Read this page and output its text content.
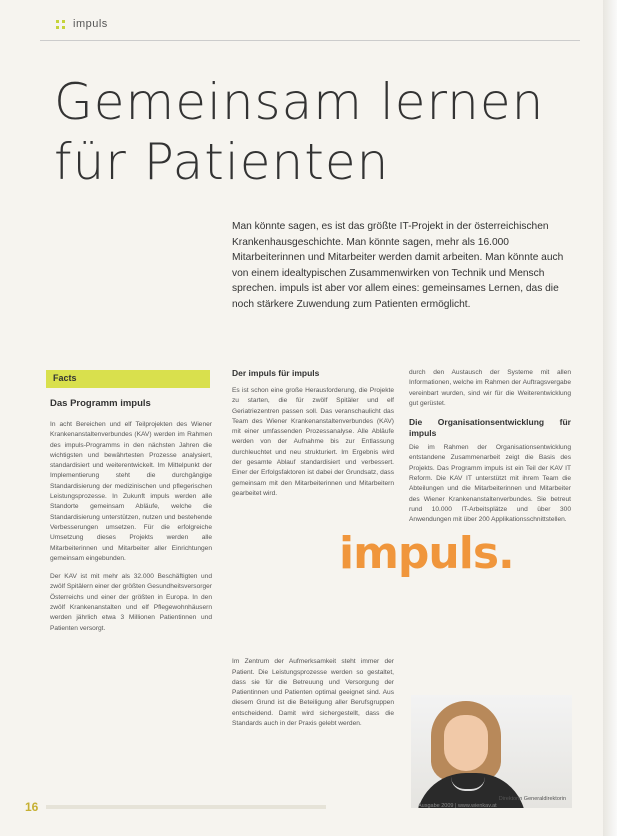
impuls
Gemeinsam lernen
für Patienten
Man könnte sagen, es ist das größte IT-Projekt in der österreichischen Krankenhausgeschichte. Man könnte sagen, mehr als 16.000 Mitarbeiterinnen und Mitarbeiter werden damit arbeiten. Man könnte auch von einem idealtypischen Zusammenwirken von Technik und Mensch sprechen. impuls ist aber vor allem eines: gemeinsames Lernen, das die noch stärkere Zuwendung zum Patienten ermöglicht.
Facts
Das Programm impuls

In acht Bereichen und elf Teilprojekten des Wiener Krankenanstaltenverbundes (KAV) werden im Rahmen des impuls-Programms in den nächsten Jahren die wichtigsten und bewährtesten Prozesse analysiert, standardisiert und weiterentwickelt. Im Mittelpunkt der Implementierung steht die durchgängige Standardisierung der medizinischen und pflegerischen Leistungsprozesse. In Zukunft impuls werden alle Standorte gemeinsam Abläufe, welche die Standardisierung unterstützen, nutzen und bestehende Verbesserungen umsetzen. Für die erfolgreiche Umsetzung dieses Projekts werden alle Mitarbeiterinnen und Mitarbeiter aller Einrichtungen gemeinsam eingebunden.

Der KAV ist mit mehr als 32.000 Beschäftigten und zwölf Spitälern einer der größten Gesundheitsversorger Österreichs und einer der größten in Europa. In den zwölf Krankenanstalten und elf Pflegewohnhäusern werden jährlich etwa 3 Millionen Patientinnen und Patienten versorgt.

Der impuls für impuls

Es ist schon eine große Herausforderung, die Projekte zu starten, die für zwölf Spitäler und elf Geriatriezentren passen soll. Das veranschaulicht das Team des Wiener Krankenanstaltenverbundes (KAV) mit einer umfassenden Prozessanalyse. Alle Abläufe werden von der Aufnahme bis zur Entlassung durchleuchtet und neu strukturiert. Im Ergebnis wird der gesamte Ablauf standardisiert und verbessert. Einer der Erfolgsfaktoren ist dabei der Grundsatz, dass gemeinsam mit den Mitarbeiterinnen und Mitarbeitern gearbeitet wird.

Im Zentrum der Aufmerksamkeit steht immer der Patient. Die Leistungsprozesse werden so gestaltet, dass sie für die Betreuung und Versorgung der Patientinnen und Patienten optimal geeignet sind. Aus diesem Grund ist die Beteiligung aller Berufsgruppen entscheidend. Damit wird sichergestellt, dass die Standards auch in der Praxis gelebt werden.

durch den Austausch der Systeme mit allen Informationen, welche im Rahmen der Auftragsvergabe vereinbart wurden, sind wir für die Weiterentwicklung gut gerüstet.

Die Organisationsentwicklung für impuls

Die im Rahmen der Organisationsentwicklung entstandene Zusammenarbeit zeigt die Basis des Projekts. Das Programm impuls ist ein Teil der KAV IT Reform. Die KAV IT unterstützt mit ihrem Team die Abteilungen und die Mitarbeiterinnen und Mitarbeiter des Wiener Krankenanstaltenverbundes. Sie betreut rund 10.000 IT-Arbeitsplätze und über 300 Anwendungen mit über 200 Applikationsschnittstellen.

impuls.
Direktorin Generaldirektorin
16	Ausgabe 2009 | www.wienkav.at
